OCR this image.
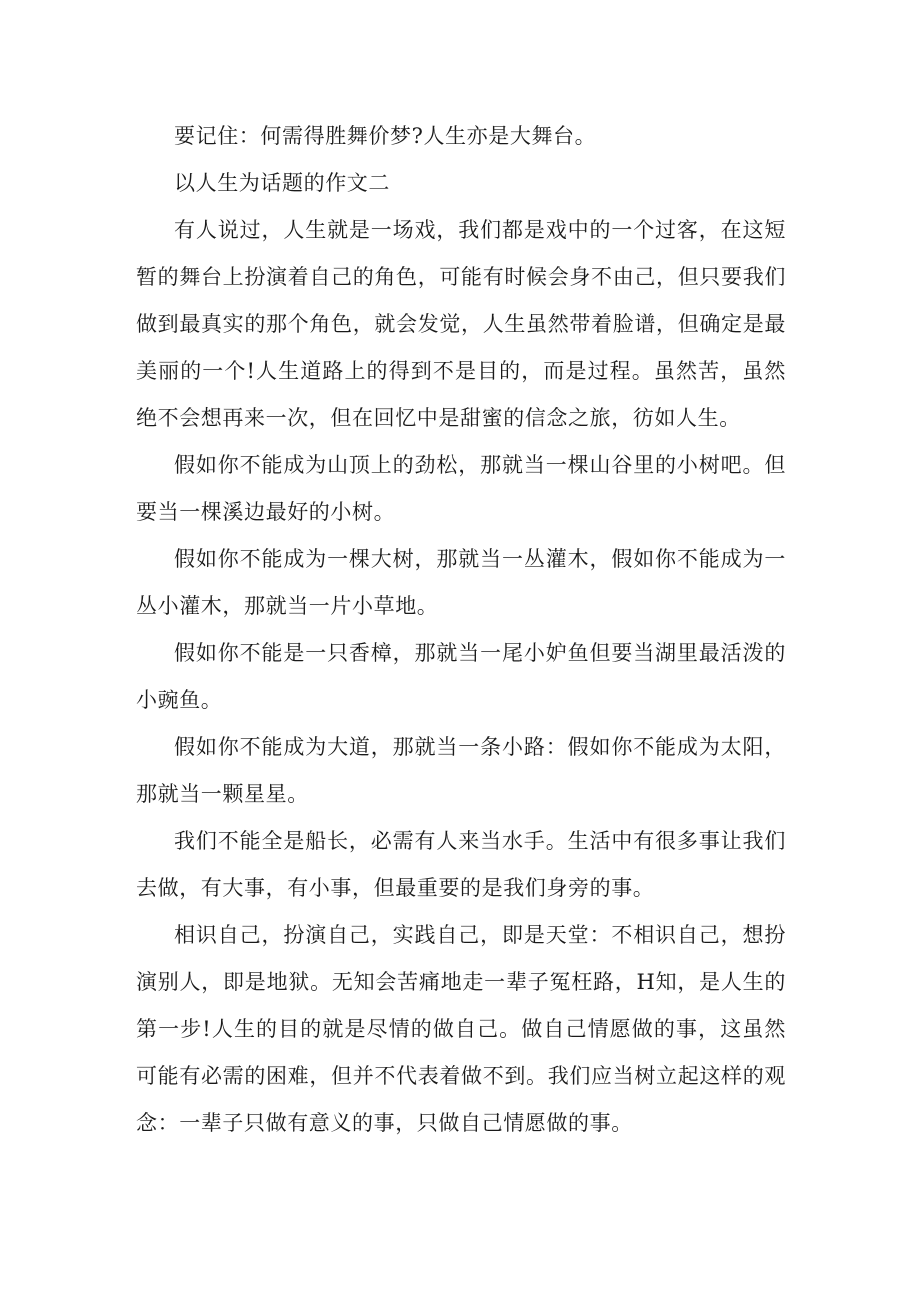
要记住：何需得胜舞价梦?人生亦是大舞台。

以人生为话题的作文二

有人说过，人生就是一场戏，我们都是戏中的一个过客，在这短暂的舞台上扮演着自己的角色，可能有时候会身不由己，但只要我们做到最真实的那个角色，就会发觉，人生虽然带着脸谱，但确定是最美丽的一个!人生道路上的得到不是目的，而是过程。虽然苦，虽然绝不会想再来一次，但在回忆中是甜蜜的信念之旅，彷如人生。

假如你不能成为山顶上的劲松，那就当一棵山谷里的小树吧。但要当一棵溪边最好的小树。

假如你不能成为一棵大树，那就当一丛灌木，假如你不能成为一丛小灌木，那就当一片小草地。

假如你不能是一只香樟，那就当一尾小妒鱼但要当湖里最活泼的小豌鱼。

假如你不能成为大道，那就当一条小路：假如你不能成为太阳，那就当一颗星星。

我们不能全是船长，必需有人来当水手。生活中有很多事让我们去做，有大事，有小事，但最重要的是我们身旁的事。

相识自己，扮演自己，实践自己，即是天堂：不相识自己，想扮演别人，即是地狱。无知会苦痛地走一辈子冤枉路，H知，是人生的第一步!人生的目的就是尽情的做自己。做自己情愿做的事，这虽然可能有必需的困难，但并不代表着做不到。我们应当树立起这样的观念：一辈子只做有意义的事，只做自己情愿做的事。
